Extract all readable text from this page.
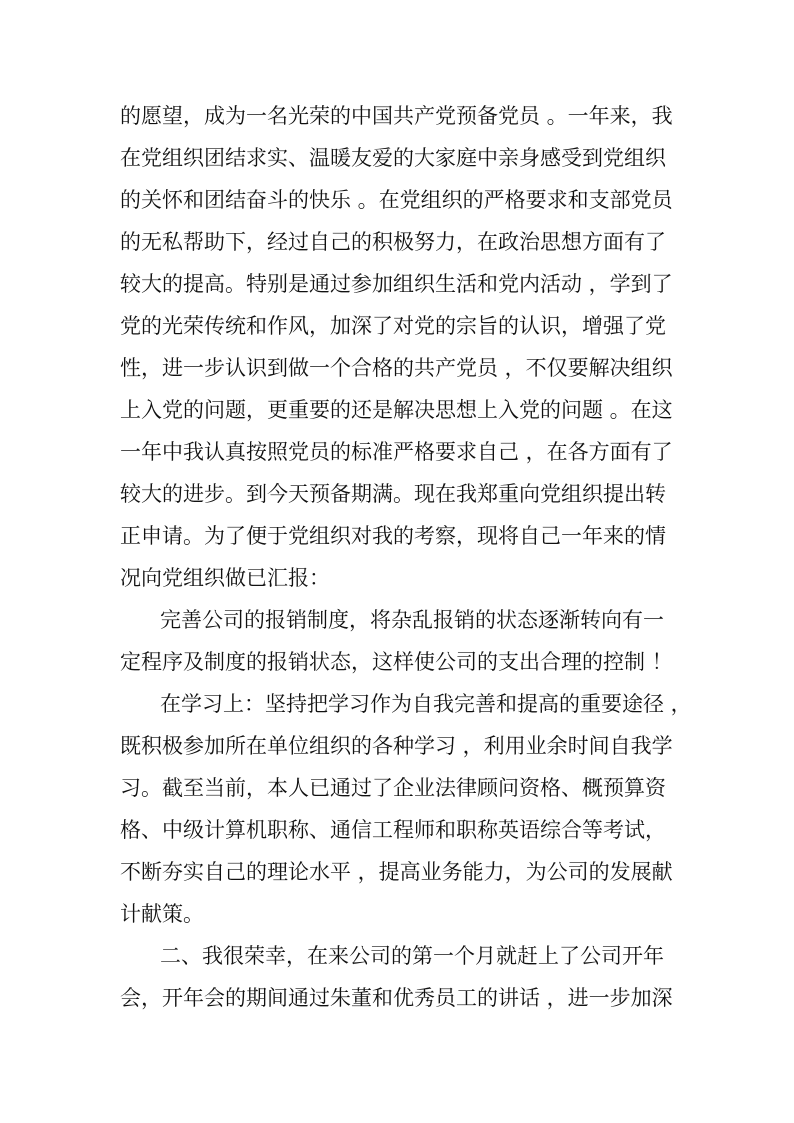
的愿望，成为一名光荣的中国共产党预备党员 。一年来，我

在党组织团结求实、温暖友爱的大家庭中亲身感受到党组织

的关怀和团结奋斗的快乐 。在党组织的严格要求和支部党员

的无私帮助下，经过自己的积极努力，在政治思想方面有了

较大的提高。特别是通过参加组织生活和党内活动 ，学到了

党的光荣传统和作风，加深了对党的宗旨的认识，增强了党

性，进一步认识到做一个合格的共产党员 ，不仅要解决组织

上入党的问题，更重要的还是解决思想上入党的问题 。在这

一年中我认真按照党员的标准严格要求自己 ，在各方面有了

较大的进步。到今天预备期满。现在我郑重向党组织提出转

正申请。为了便于党组织对我的考察，现将自己一年来的情

况向党组织做已汇报：

完善公司的报销制度，将杂乱报销的状态逐渐转向有一

定程序及制度的报销状态，这样使公司的支出合理的控制 ！

在学习上：坚持把学习作为自我完善和提高的重要途径 ，

既积极参加所在单位组织的各种学习 ，利用业余时间自我学

习。截至当前，本人已通过了企业法律顾问资格、概预算资

格、中级计算机职称、通信工程师和职称英语综合等考试，

不断夯实自己的理论水平 ，提高业务能力，为公司的发展献

计献策。

二、我很荣幸，在来公司的第一个月就赶上了公司开年

会，开年会的期间通过朱董和优秀员工的讲话 ，进一步加深
